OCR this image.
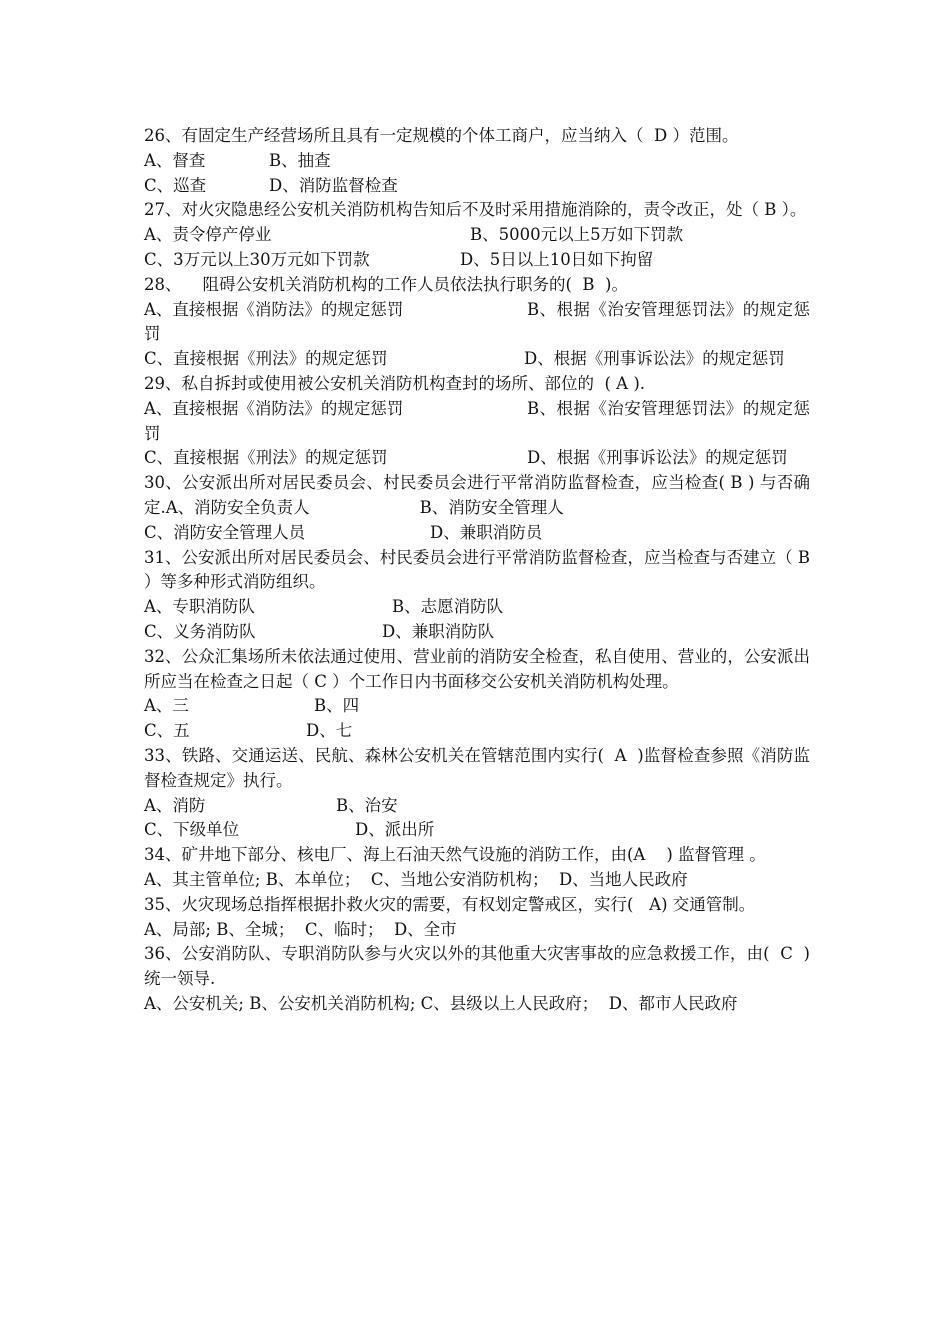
26、有固定生产经营场所且具有一定规模的个体工商户，应当纳入（  D ）范围。

A、督查	B、抽查
C、巡查	D、消防监督检查

27、对火灾隐患经公安机关消防机构告知后不及时采用措施消除的，责令改正，处（ B ）。

A、责令停产停业	B、5000元以上5万如下罚款
C、3万元以上30万元如下罚款	D、5日以上10日如下拘留

28、    阻碍公安机关消防机构的工作人员依法执行职务的(  B  )。

A、直接根据《消防法》的规定惩罚	B、根据《治安管理惩罚法》的规定惩罚

C、直接根据《刑法》的规定惩罚	D、根据《刑事诉讼法》的规定惩罚

29、私自拆封或使用被公安机关消防机构查封的场所、部位的  ( A ).

A、直接根据《消防法》的规定惩罚	B、根据《治安管理惩罚法》的规定惩罚

C、直接根据《刑法》的规定惩罚	D、根据《刑事诉讼法》的规定惩罚

30、公安派出所对居民委员会、村民委员会进行平常消防监督检查，应当检查( B ) 与否确定.A、消防安全负责人	B、消防安全管理人

C、消防安全管理人员	D、兼职消防员

31、公安派出所对居民委员会、村民委员会进行平常消防监督检查，应当检查与否建立（ B ）等多种形式消防组织。

A、专职消防队	B、志愿消防队
C、义务消防队	D、兼职消防队

32、公众汇集场所未依法通过使用、营业前的消防安全检查，私自使用、营业的，公安派出所应当在检查之日起（ C ）个工作日内书面移交公安机关消防机构处理。

A、三	B、四
C、五	D、七

33、铁路、交通运送、民航、森林公安机关在管辖范围内实行(  A  )监督检查参照《消防监督检查规定》执行。

A、消防	B、治安
C、下级单位	D、派出所

34、矿井地下部分、核电厂、海上石油天然气设施的消防工作，由(A    ) 监督管理 。

A、其主管单位; B、本单位；  C、当地公安消防机构；  D、当地人民政府

35、火灾现场总指挥根据扑救火灾的需要，有权划定警戒区，实行(   A) 交通管制。

A、局部; B、全城；  C、临时；  D、全市

36、公安消防队、专职消防队参与火灾以外的其他重大灾害事故的应急救援工作，由(  C  )统一领导.

A、公安机关; B、公安机关消防机构; C、县级以上人民政府；  D、都市人民政府
